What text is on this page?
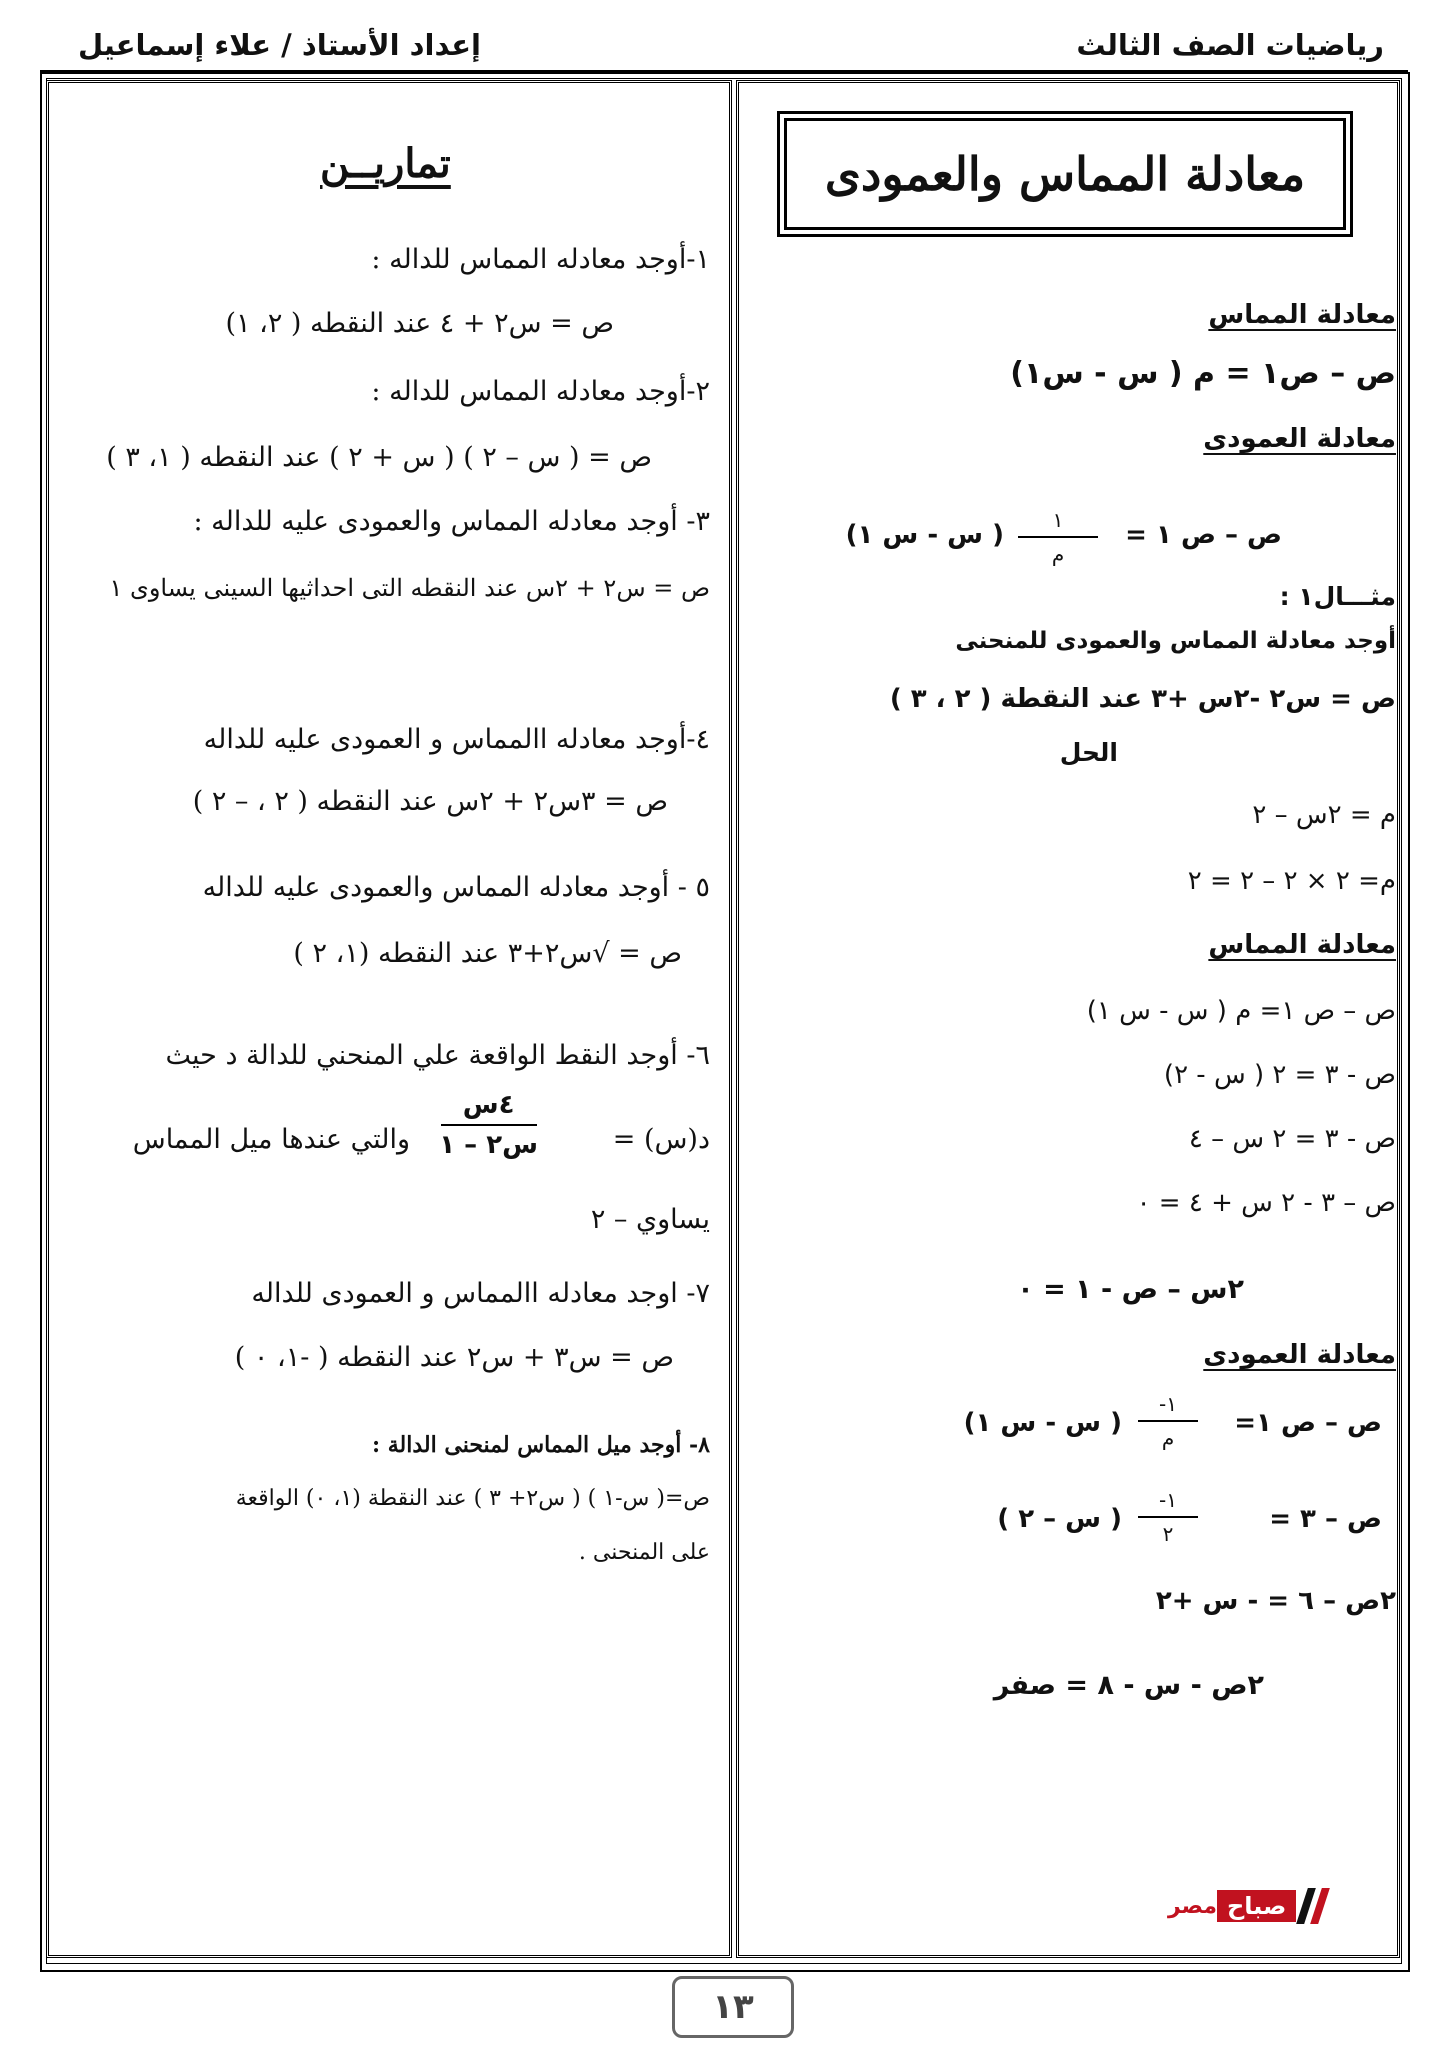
رياضيات الصف الثالث
إعداد الأستاذ / علاء إسماعيل
معادلة المماس والعمودى
معادلة المماس
ص – ص١ = م ( س - س١)
معادلة العمودى
ص – ص ١ =
١
م
( س - س ١)
مثـــال١ :
أوجد معادلة المماس والعمودى للمنحنى
ص = س٢ -٢س +٣ عند النقطة ( ٢ ، ٣ )
الحل
م = ٢س – ٢
م= ٢ × ٢ – ٢ = ٢
معادلة المماس
ص – ص ١= م ( س - س ١)
ص - ٣ = ٢ ( س - ٢)
ص - ٣ = ٢ س – ٤
ص – ٣ - ٢ س + ٤ = ٠
٢س – ص - ١ = ٠
معادلة العمودى
ص – ص ١=
١-
م
( س - س ١)
ص – ٣ =
١-
٢
( س – ٢ )
٢ص – ٦ = - س +٢
٢ص - س - ٨ = صفر
تماريــن
١-أوجد معادله المماس للداله :
ص = س٢ + ٤ عند النقطه ( ٢، ١)
٢-أوجد معادله المماس للداله :
ص = ( س – ٢ ) ( س + ٢ ) عند النقطه ( ١، ٣ )
٣- أوجد معادله المماس والعمودى عليه للداله :
ص = س٢ + ٢س عند النقطه التى احداثيها السينى يساوى ١
٤-أوجد معادله االمماس و العمودى عليه للداله
ص = ٣س٢ + ٢س عند النقطه ( ٢ ، – ٢ )
٥ - أوجد معادله المماس والعمودى عليه للداله
ص = √س٢+٣ عند النقطه (١، ٢ )
٦- أوجد النقط الواقعة علي المنحني للدالة د حيث
د(س) =
٤س
س٢ – ١
والتي عندها ميل المماس
يساوي – ٢
٧- اوجد معادله االمماس و العمودى للداله
ص = س٣ + س٢ عند النقطه ( -١، ٠ )
٨- أوجد ميل المماس لمنحنى الدالة :
ص=( س-١ ) ( س٢+ ٣ ) عند النقطة (١، ٠) الواقعة
على المنحنى .
مصر صباح
١٣
